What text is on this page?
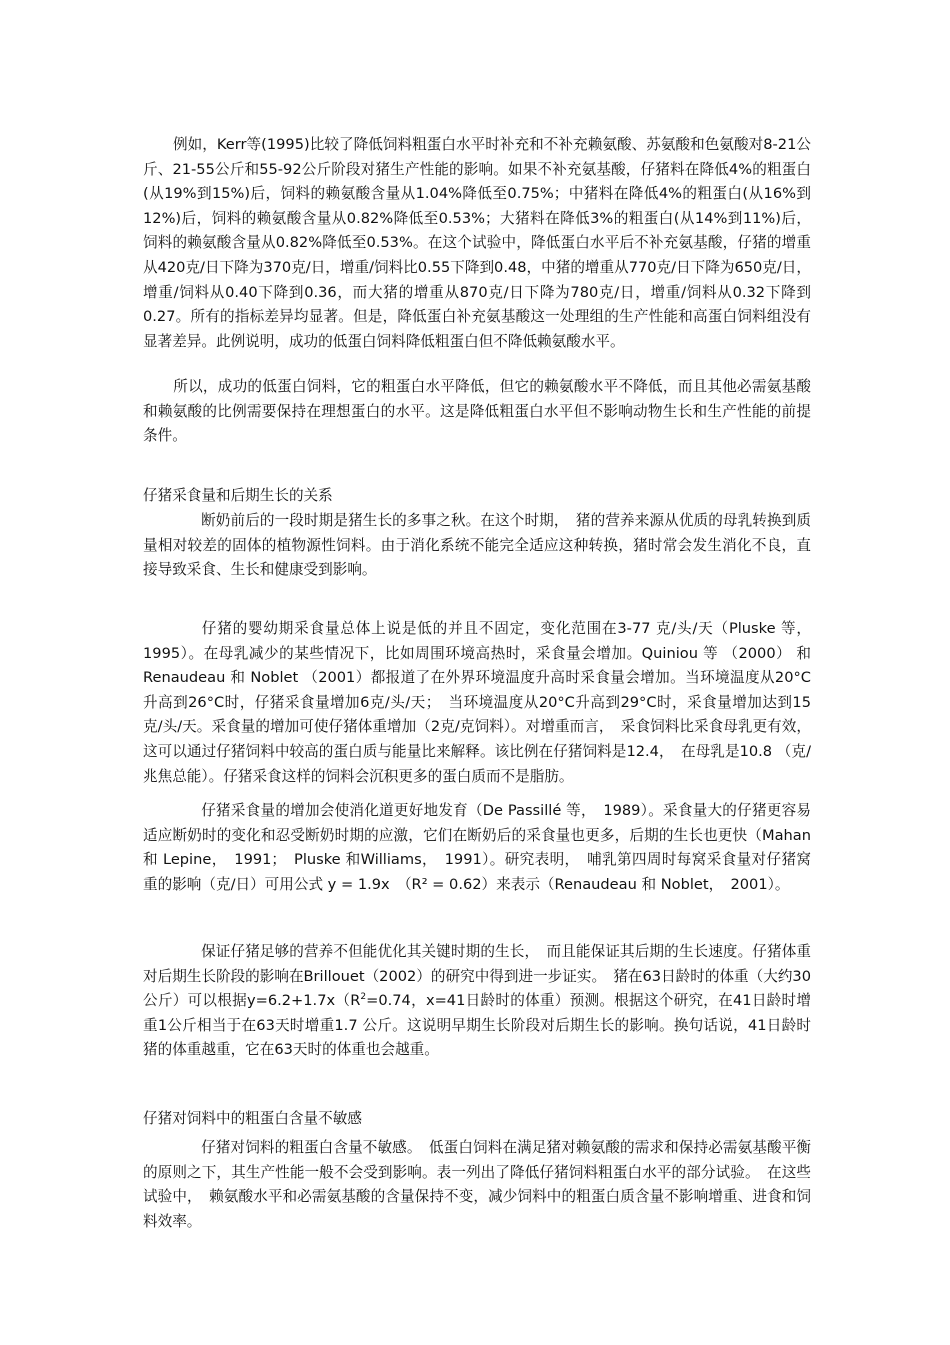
例如，Kerr等(1995)比较了降低饲料粗蛋白水平时补充和不补充赖氨酸、苏氨酸和色氨酸对8-21公斤、21-55公斤和55-92公斤阶段对猪生产性能的影响。如果不补充氨基酸，仔猪料在降低4%的粗蛋白(从19%到15%)后，饲料的赖氨酸含量从1.04%降低至0.75%；中猪料在降低4%的粗蛋白(从16%到12%)后，饲料的赖氨酸含量从0.82%降低至0.53%；大猪料在降低3%的粗蛋白(从14%到11%)后，饲料的赖氨酸含量从0.82%降低至0.53%。在这个试验中，降低蛋白水平后不补充氨基酸，仔猪的增重从420克/日下降为370克/日，增重/饲料比0.55下降到0.48，中猪的增重从770克/日下降为650克/日，增重/饲料从0.40下降到0.36，而大猪的增重从870克/日下降为780克/日，增重/饲料从0.32下降到0.27。所有的指标差异均显著。但是，降低蛋白补充氨基酸这一处理组的生产性能和高蛋白饲料组没有显著差异。此例说明，成功的低蛋白饲料降低粗蛋白但不降低赖氨酸水平。

所以，成功的低蛋白饲料，它的粗蛋白水平降低，但它的赖氨酸水平不降低，而且其他必需氨基酸和赖氨酸的比例需要保持在理想蛋白的水平。这是降低粗蛋白水平但不影响动物生长和生产性能的前提条件。

仔猪采食量和后期生长的关系

断奶前后的一段时期是猪生长的多事之秋。在这个时期，　猪的营养来源从优质的母乳转换到质量相对较差的固体的植物源性饲料。由于消化系统不能完全适应这种转换，猪时常会发生消化不良，直接导致采食、生长和健康受到影响。

仔猪的婴幼期采食量总体上说是低的并且不固定，变化范围在3-77 克/头/天（Pluske 等，1995）。在母乳减少的某些情况下，比如周围环境高热时，采食量会增加。Quiniou 等 （2000） 和Renaudeau 和 Noblet （2001）都报道了在外界环境温度升高时采食量会增加。当环境温度从20°C升高到26°C时，仔猪采食量增加6克/头/天；　当环境温度从20°C升高到29°C时，采食量增加达到15克/头/天。采食量的增加可使仔猪体重增加（2克/克饲料）。对增重而言，　采食饲料比采食母乳更有效，这可以通过仔猪饲料中较高的蛋白质与能量比来解释。该比例在仔猪饲料是12.4，　在母乳是10.8 （克/兆焦总能）。仔猪采食这样的饲料会沉积更多的蛋白质而不是脂肪。

仔猪采食量的增加会使消化道更好地发育（De Passillé 等，　1989）。采食量大的仔猪更容易适应断奶时的变化和忍受断奶时期的应激，它们在断奶后的采食量也更多，后期的生长也更快（Mahan 和 Lepine，　1991；　Pluske 和Williams，　1991）。研究表明，　哺乳第四周时每窝采食量对仔猪窝重的影响（克/日）可用公式 y = 1.9x　（R² = 0.62）来表示（Renaudeau 和 Noblet，　2001）。

保证仔猪足够的营养不但能优化其关键时期的生长，　而且能保证其后期的生长速度。仔猪体重对后期生长阶段的影响在Brillouet（2002）的研究中得到进一步证实。　猪在63日龄时的体重（大约30公斤）可以根据$y=6.2+1.7x(R^2=0.74$，x=41日龄时的体重）预测。根据这个研究，在41日龄时增重1公斤相当于在63天时增重1.7 公斤。这说明早期生长阶段对后期生长的影响。换句话说，41日龄时猪的体重越重，它在63天时的体重也会越重。

仔猪对饲料中的粗蛋白含量不敏感

仔猪对饲料的粗蛋白含量不敏感。　低蛋白饲料在满足猪对赖氨酸的需求和保持必需氨基酸平衡的原则之下，其生产性能一般不会受到影响。表一列出了降低仔猪饲料粗蛋白水平的部分试验。　在这些试验中，　赖氨酸水平和必需氨基酸的含量保持不变，减少饲料中的粗蛋白质含量不影响增重、进食和饲料效率。
